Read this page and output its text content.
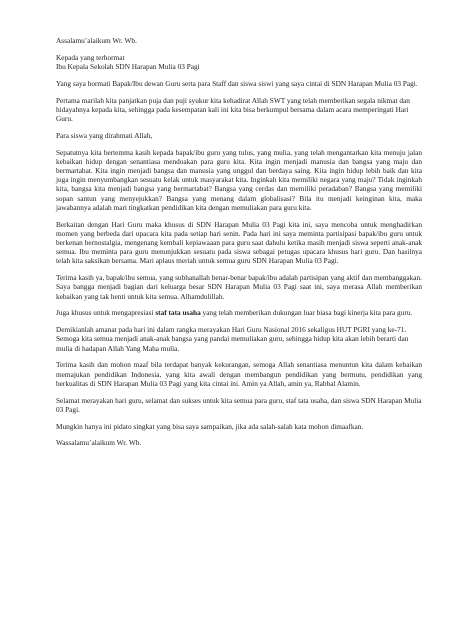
Assalamu’alaikum Wr. Wb.

Kepada yang terhormat
Ibu Kepala Sekolah SDN Harapan Mulia 03 Pagi

Yang saya hormati Bapak/Ibu dewan Guru serta para Staff dan siswa siswi yang saya cintai di SDN Harapan Mulia 03 Pagi.

Pertama marilah kita panjatkan puja dan puji syukur kita kehadirat Allah SWT yang telah memberikan segala nikmat dan hidayahnya kepada kita, sehingga pada kesempatan kali ini kita bisa berkumpul bersama dalam acara memperingati Hari Guru.

Para siswa yang dirahmati Allah,

Sepatutnya kita bertemma kasih kepada bapak/ibu guru yang tulus, yang mulia, yang telah mengantarkan kita menuju jalan kebaikan hidup dengan senantiasa mendoakan para guru kita. Kita ingin menjadi manusia dan bangsa yang maju dan bermartabat. Kita ingin menjadi bangsa dan manusia yang unggul dan berdaya saing. Kita ingin hidup lebih baik dan kita juga ingin menyumbangkan sesuatu kelak untuk masyarakat kita. Inginkah kita memiliki negara yang maju? Tidak inginkah kita, bangsa kita menjadi bangsa yang bermartabat? Bangsa yang cerdas dan memiliki peradaban? Bangsa yang memiliki sopan santun yang menyejukkan? Bangsa yang menang dalam globalisasi? Bila itu menjadi keinginan kita, maka jawabannya adalah mari tingkatkan pendidikan kita dengan memuliakan para guru kita.

Berkaitan dengan Hari Guru maka khusus di SDN Harapan Mulia 03 Pagi kita ini, saya mencoba untuk menghadirkan momen yang berbeda dari upacara kita pada setiap hari senin. Pada hari ini saya meminta partisipasi bapak/ibu guru untuk berkenan bernostalgia, mengenang kembali kepiawaaan para guru saat dahulu ketika masih menjadi siswa seperti anak-anak semua. Ibu meminta para guru menunjukkan sesuatu pada siswa sebagai petugas upacara khusus hari guru. Dan hasilnya telah kita saksikan bersama. Mari aplaus meriah untuk semua guru SDN Harapan Mulia 03 Pagi.

Terima kasih ya, bapak/ibu semua, yang subhanallah benar-benar bapak/ibu adalah partisipan yang aktif dan membanggakan. Saya bangga menjadi bagian dari keluarga besar SDN Harapan Mulia 03 Pagi saat ini, saya merasa Allah memberikan kebaikan yang tak henti untuk kita semua. Alhamdulillah.

Juga khusus untuk mengapresiasi staf tata usaha yang telah memberikan dukungan luar biasa bagi kinerja kita para guru.

Demikianlah amanat pada hari ini dalam rangka merayakan Hari Guru Nasional 2016 sekaligus HUT PGRI yang ke-71. Semoga kita semua menjadi anak-anak bangsa yang pandai memuliakan guru, sehingga hidup kita akan lebih berarti dan mulia di hadapan Allah Yang Maha mulia.

Terima kasih dan mohon maaf bila terdapat banyak kekurangan, semoga Allah senantiasa menuntun kita dalam kebaikan memajukan pendidikan Indonesia, yang kita awali dengan membangun pendidikan yang bermutu, pendidikan yang berkualitas di SDN Harapan Mulia 03 Pagi yang kita cintai ini. Amin ya Allah, amin ya, Rabbal Alamin.

Selamat merayakan hari guru, selamat dan sukses untuk kita semua para guru, staf tata usaha, dan siswa SDN Harapan Mulia 03 Pagi.

Mungkin hanya ini pidato singkat yang bisa saya sampaikan, jika ada salah-salah kata mohon dimaafkan.

Wassalamu’alaikum Wr. Wb.
